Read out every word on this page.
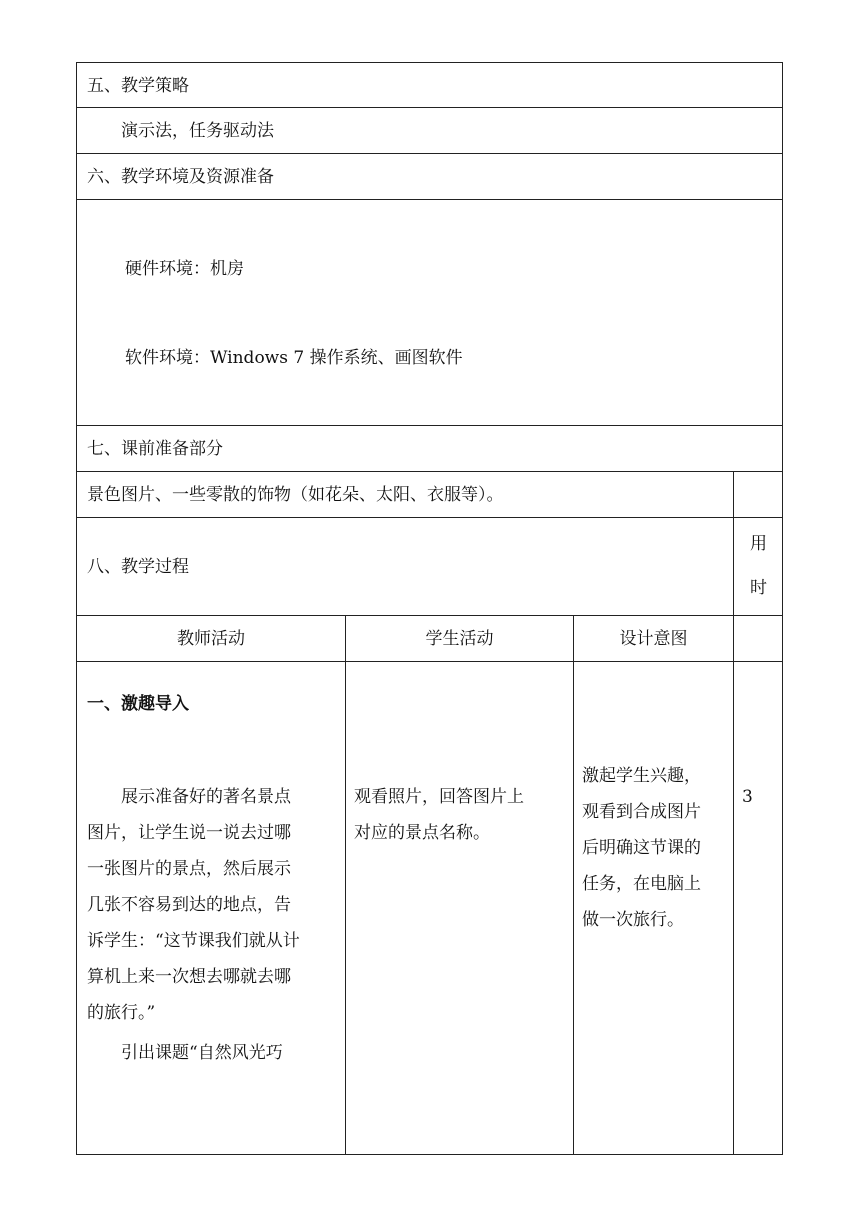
五、教学策略
演示法，任务驱动法
六、教学环境及资源准备
硬件环境：机房
软件环境：Windows 7 操作系统、画图软件
七、课前准备部分
景色图片、一些零散的饰物（如花朵、太阳、衣服等）。
八、教学过程
用
时
教师活动	学生活动	设计意图
一、激趣导入
展示准备好的著名景点
图片，让学生说一说去过哪
一张图片的景点，然后展示
几张不容易到达的地点，告
诉学生：“这节课我们就从计
算机上来一次想去哪就去哪
的旅行。”
引出课题“自然风光巧
观看照片，回答图片上
对应的景点名称。
激起学生兴趣，
观看到合成图片
后明确这节课的
任务，在电脑上
做一次旅行。
3
